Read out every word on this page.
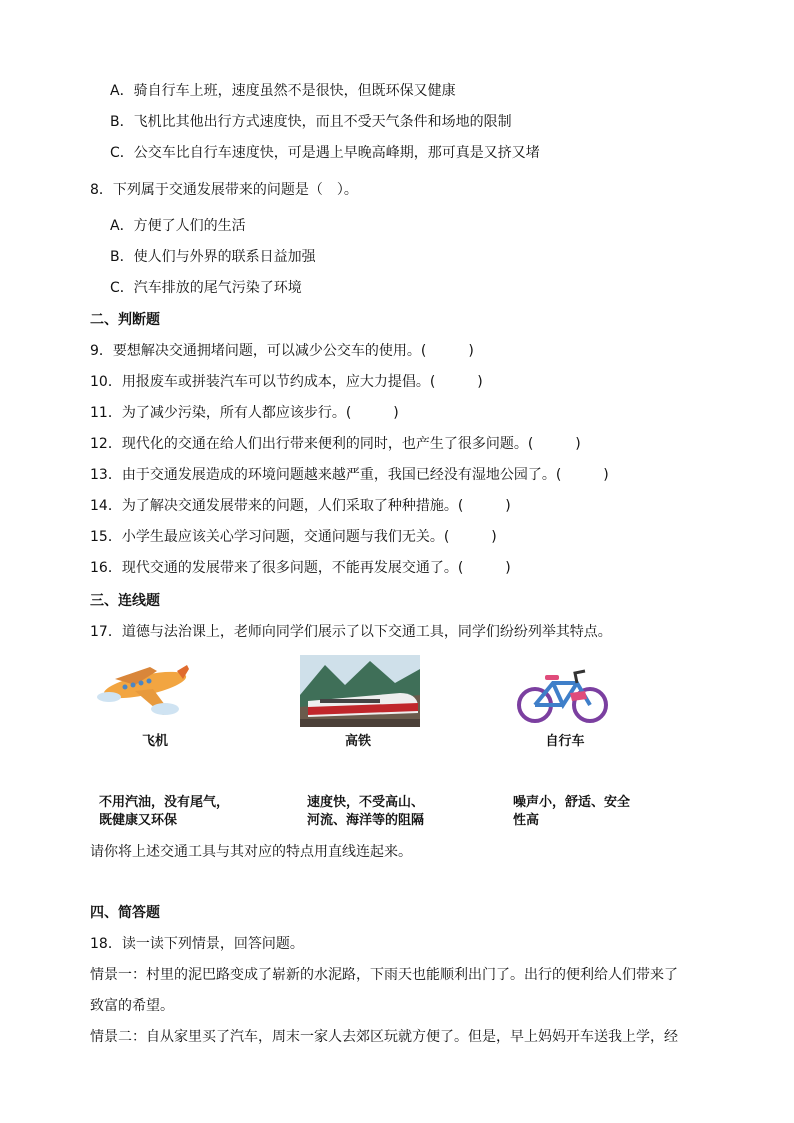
A．骑自行车上班，速度虽然不是很快，但既环保又健康
B．飞机比其他出行方式速度快，而且不受天气条件和场地的限制
C．公交车比自行车速度快，可是遇上早晚高峰期，那可真是又挤又堵
8．下列属于交通发展带来的问题是（　）。
A．方便了人们的生活
B．使人们与外界的联系日益加强
C．汽车排放的尾气污染了环境
二、判断题
9．要想解决交通拥堵问题，可以减少公交车的使用。(　　　)
10．用报废车或拼装汽车可以节约成本，应大力提倡。(　　　)
11．为了减少污染，所有人都应该步行。(　　　)
12．现代化的交通在给人们出行带来便利的同时，也产生了很多问题。(　　　)
13．由于交通发展造成的环境问题越来越严重，我国已经没有湿地公园了。(　　　)
14．为了解决交通发展带来的问题，人们采取了种种措施。(　　　)
15．小学生最应该关心学习问题，交通问题与我们无关。(　　　)
16．现代交通的发展带来了很多问题，不能再发展交通了。(　　　)
三、连线题
17．道德与法治课上，老师向同学们展示了以下交通工具，同学们纷纷列举其特点。
飞机	高铁	自行车
不用汽油，没有尾气，
既健康又环保
速度快，不受高山、
河流、海洋等的阻隔
噪声小，舒适、安全
性高
请你将上述交通工具与其对应的特点用直线连起来。
四、简答题
18．读一读下列情景，回答问题。
情景一：村里的泥巴路变成了崭新的水泥路，下雨天也能顺利出门了。出行的便利给人们带来了
致富的希望。
情景二：自从家里买了汽车，周末一家人去郊区玩就方便了。但是，早上妈妈开车送我上学，经
